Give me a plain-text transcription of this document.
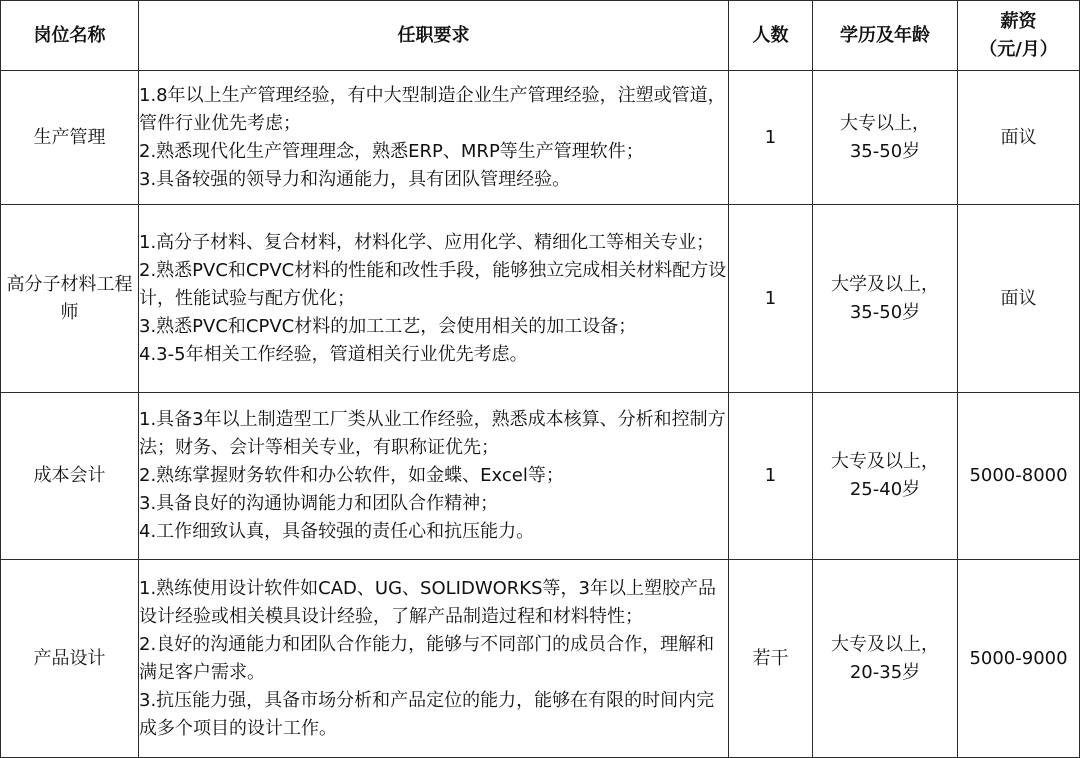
岗位名称	任职要求	人数	学历及年龄	薪资
（元/月）

生产管理	1.8年以上生产管理经验，有中大型制造企业生产管理经验，注塑或管道，管件行业优先考虑；
2.熟悉现代化生产管理理念，熟悉ERP、MRP等生产管理软件；
3.具备较强的领导力和沟通能力，具有团队管理经验。	1	大专以上，
35-50岁	面议
高分子材料工程师	1.高分子材料、复合材料，材料化学、应用化学、精细化工等相关专业；
2.熟悉PVC和CPVC材料的性能和改性手段，能够独立完成相关材料配方设计，性能试验与配方优化；
3.熟悉PVC和CPVC材料的加工工艺，会使用相关的加工设备；
4.3-5年相关工作经验，管道相关行业优先考虑。	1	大学及以上，
35-50岁	面议
成本会计	1.具备3年以上制造型工厂类从业工作经验，熟悉成本核算、分析和控制方法；财务、会计等相关专业，有职称证优先；
2.熟练掌握财务软件和办公软件，如金蝶、Excel等；
3.具备良好的沟通协调能力和团队合作精神；
4.工作细致认真，具备较强的责任心和抗压能力。	1	大专及以上，
25-40岁	5000-8000
产品设计	1.熟练使用设计软件如CAD、UG、SOLIDWORKS等，3年以上塑胶产品设计经验或相关模具设计经验，了解产品制造过程和材料特性；
2.良好的沟通能力和团队合作能力，能够与不同部门的成员合作，理解和满足客户需求。
3.抗压能力强，具备市场分析和产品定位的能力，能够在有限的时间内完成多个项目的设计工作。	若干	大专及以上，
20-35岁	5000-9000
